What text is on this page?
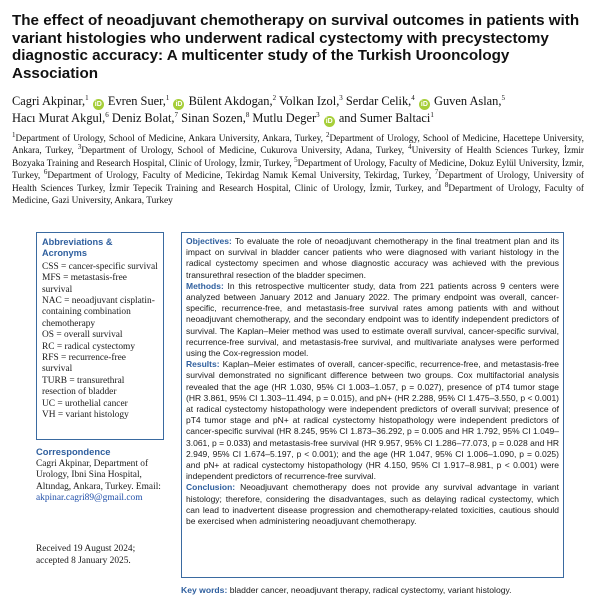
The effect of neoadjuvant chemotherapy on survival outcomes in patients with variant histologies who underwent radical cystectomy with precystectomy diagnostic accuracy: A multicenter study of the Turkish Urooncology Association
Cagri Akpinar,$^1$ iD Evren Suer,$^1$ iD Bülent Akdogan,$^2$ Volkan Izol,$^3$ Serdar Celik,$^4$ iD Guven Aslan,$^5$ Hacı Murat Akgul,$^6$ Deniz Bolat,$^7$ Sinan Sozen,$^8$ Mutlu Deger$^3$ iD and Sumer Baltaci$^1$
$^1$Department of Urology, School of Medicine, Ankara University, Ankara, Turkey, $^2$Department of Urology, School of Medicine, Hacettepe University, Ankara, Turkey, $^3$Department of Urology, School of Medicine, Cukurova University, Adana, Turkey, $^4$University of Health Sciences Turkey, İzmir Bozyaka Training and Research Hospital, Clinic of Urology, İzmir, Turkey, $^5$Department of Urology, Faculty of Medicine, Dokuz Eylül University, İzmir, Turkey, $^6$Department of Urology, Faculty of Medicine, Tekirdag Namık Kemal University, Tekirdag, Turkey, $^7$Department of Urology, University of Health Sciences Turkey, İzmir Tepecik Training and Research Hospital, Clinic of Urology, İzmir, Turkey, and $^8$Department of Urology, Faculty of Medicine, Gazi University, Ankara, Turkey
Abbreviations & Acronyms
CSS = cancer-specific survival
MFS = metastasis-free survival
NAC = neoadjuvant cisplatin-containing combination chemotherapy
OS = overall survival
RC = radical cystectomy
RFS = recurrence-free survival
TURB = transurethral resection of bladder
UC = urothelial cancer
VH = variant histology
Correspondence
Cagri Akpinar, Department of Urology, Ibni Sina Hospital, Altındag, Ankara, Turkey. Email: akpinar.cagri89@gmail.com
Received 19 August 2024;
accepted 8 January 2025.

Objectives: To evaluate the role of neoadjuvant chemotherapy in the final treatment plan and its impact on survival in bladder cancer patients who were diagnosed with variant histology in the radical cystectomy specimen and whose diagnostic accuracy was achieved with the previous transurethral resection of the bladder specimen.

Methods: In this retrospective multicenter study, data from 221 patients across 9 centers were analyzed between January 2012 and January 2022. The primary endpoint was overall, cancer-specific, recurrence-free, and metastasis-free survival rates among patients with and without neoadjuvant chemotherapy, and the secondary endpoint was to identify independent predictors of survival. The Kaplan–Meier method was used to estimate overall survival, cancer-specific survival, recurrence-free survival, and metastasis-free survival, and multivariate analyses were performed using the Cox-regression model.

Results: Kaplan–Meier estimates of overall, cancer-specific, recurrence-free, and metastasis-free survival demonstrated no significant difference between two groups. Cox multifactorial analysis revealed that the age (HR 1.030, 95% CI 1.003–1.057, p = 0.027), presence of pT4 tumor stage (HR 3.861, 95% CI 1.303–11.494, p = 0.015), and pN+ (HR 2.288, 95% CI 1.475–3.550, p < 0.001) at radical cystectomy histopathology were independent predictors of overall survival; presence of pT4 tumor stage and pN+ at radical cystectomy histopathology were independent predictors of cancer-specific survival (HR 8.245, 95% CI 1.873–36.292, p = 0.005 and HR 1.792, 95% CI 1.049–3.061, p = 0.033) and metastasis-free survival (HR 9.957, 95% CI 1.286–77.073, p = 0.028 and HR 2.949, 95% CI 1.674–5.197, p < 0.001); and the age (HR 1.047, 95% CI 1.006–1.090, p = 0.025) and pN+ at radical cystectomy histopathology (HR 4.150, 95% CI 1.917–8.981, p < 0.001) were independent predictors of recurrence-free survival.

Conclusion: Neoadjuvant chemotherapy does not provide any survival advantage in variant histology; therefore, considering the disadvantages, such as delaying radical cystectomy, which can lead to inadvertent disease progression and chemotherapy-related toxicities, cautious should be exercised when administering neoadjuvant chemotherapy.

Key words: bladder cancer, neoadjuvant therapy, radical cystectomy, variant histology.
